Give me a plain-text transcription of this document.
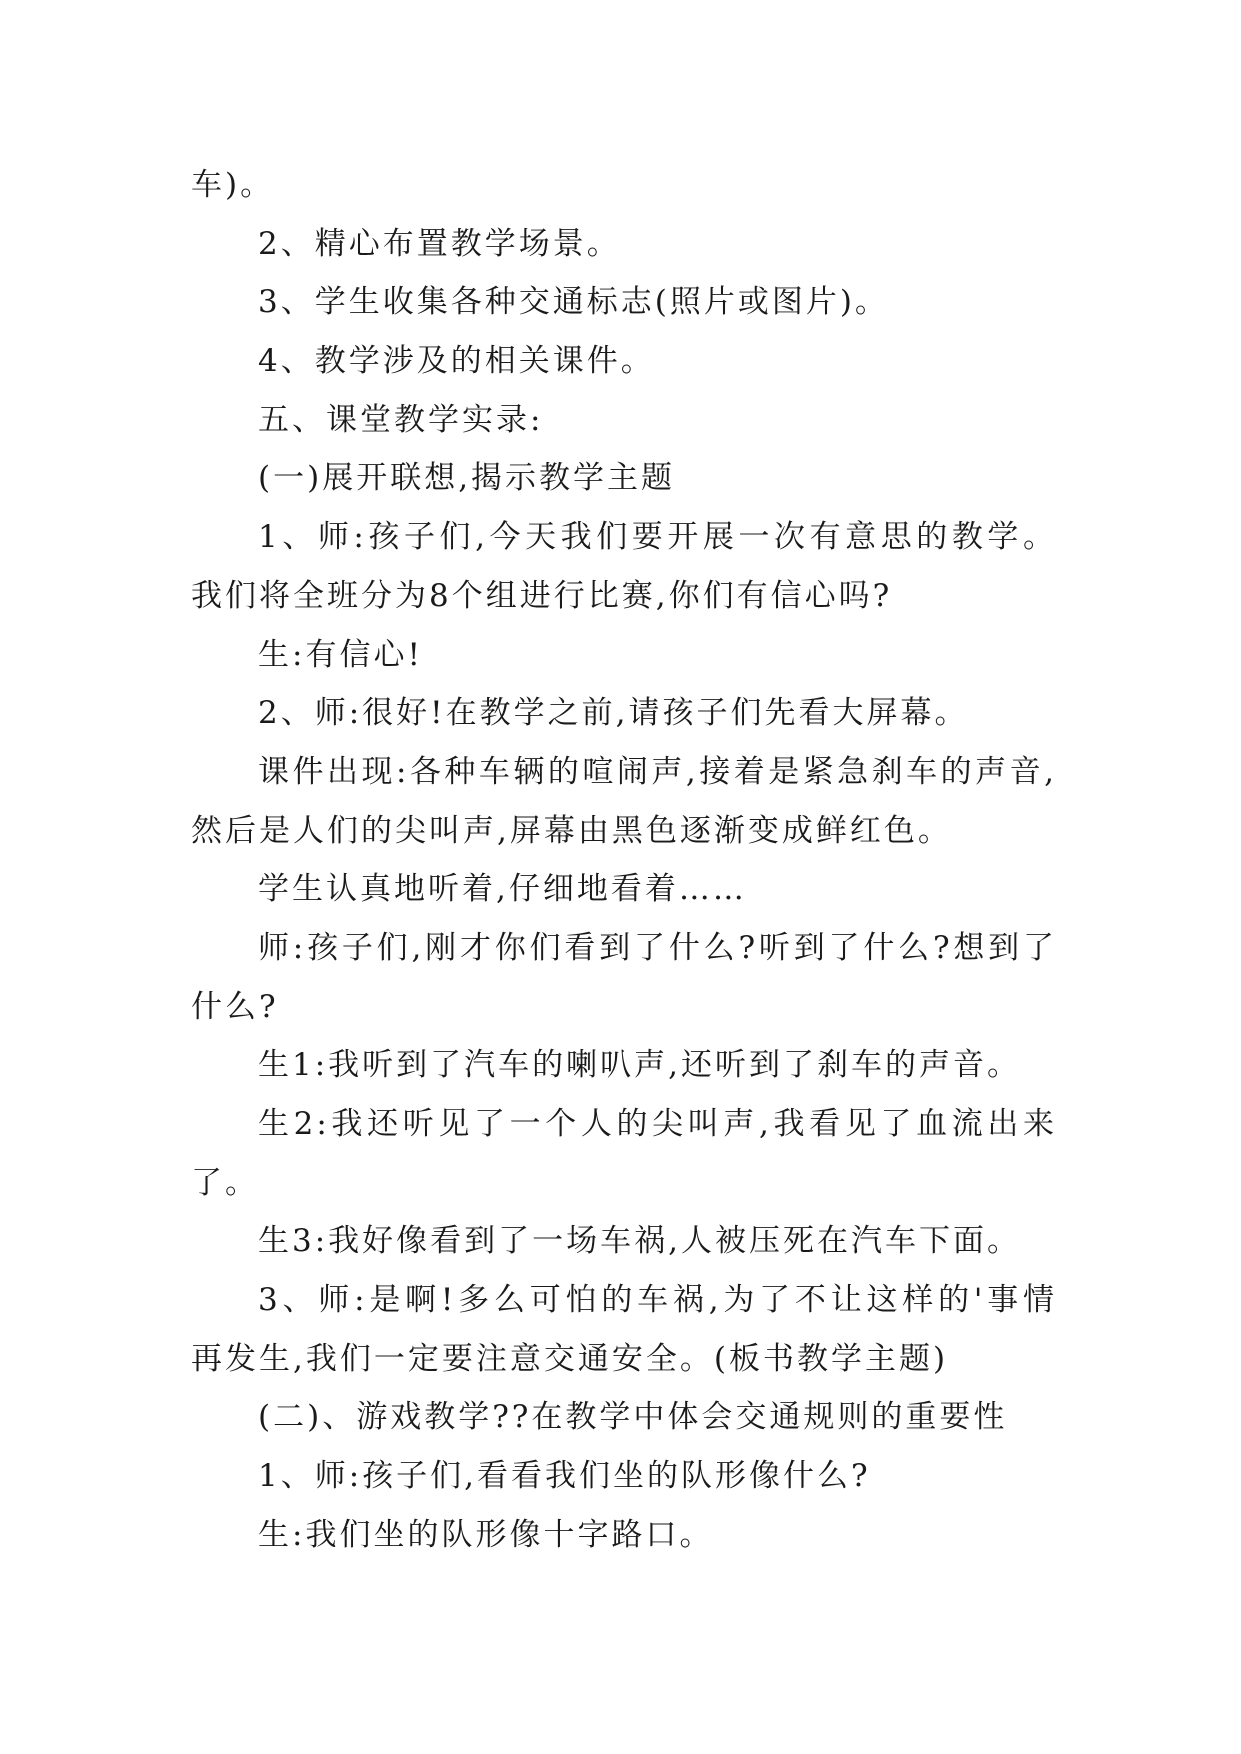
车)。
2、精心布置教学场景。
3、学生收集各种交通标志(照片或图片)。
4、教学涉及的相关课件。
五、课堂教学实录:
(一)展开联想,揭示教学主题
1、师:孩子们,今天我们要开展一次有意思的教学。
我们将全班分为8个组进行比赛,你们有信心吗?
生:有信心!
2、师:很好!在教学之前,请孩子们先看大屏幕。
课件出现:各种车辆的喧闹声,接着是紧急刹车的声音,
然后是人们的尖叫声,屏幕由黑色逐渐变成鲜红色。
学生认真地听着,仔细地看着……
师:孩子们,刚才你们看到了什么?听到了什么?想到了
什么?
生1:我听到了汽车的喇叭声,还听到了刹车的声音。
生2:我还听见了一个人的尖叫声,我看见了血流出来
了。
生3:我好像看到了一场车祸,人被压死在汽车下面。
3、师:是啊!多么可怕的车祸,为了不让这样的'事情
再发生,我们一定要注意交通安全。(板书教学主题)
(二)、游戏教学??在教学中体会交通规则的重要性
1、师:孩子们,看看我们坐的队形像什么?
生:我们坐的队形像十字路口。
